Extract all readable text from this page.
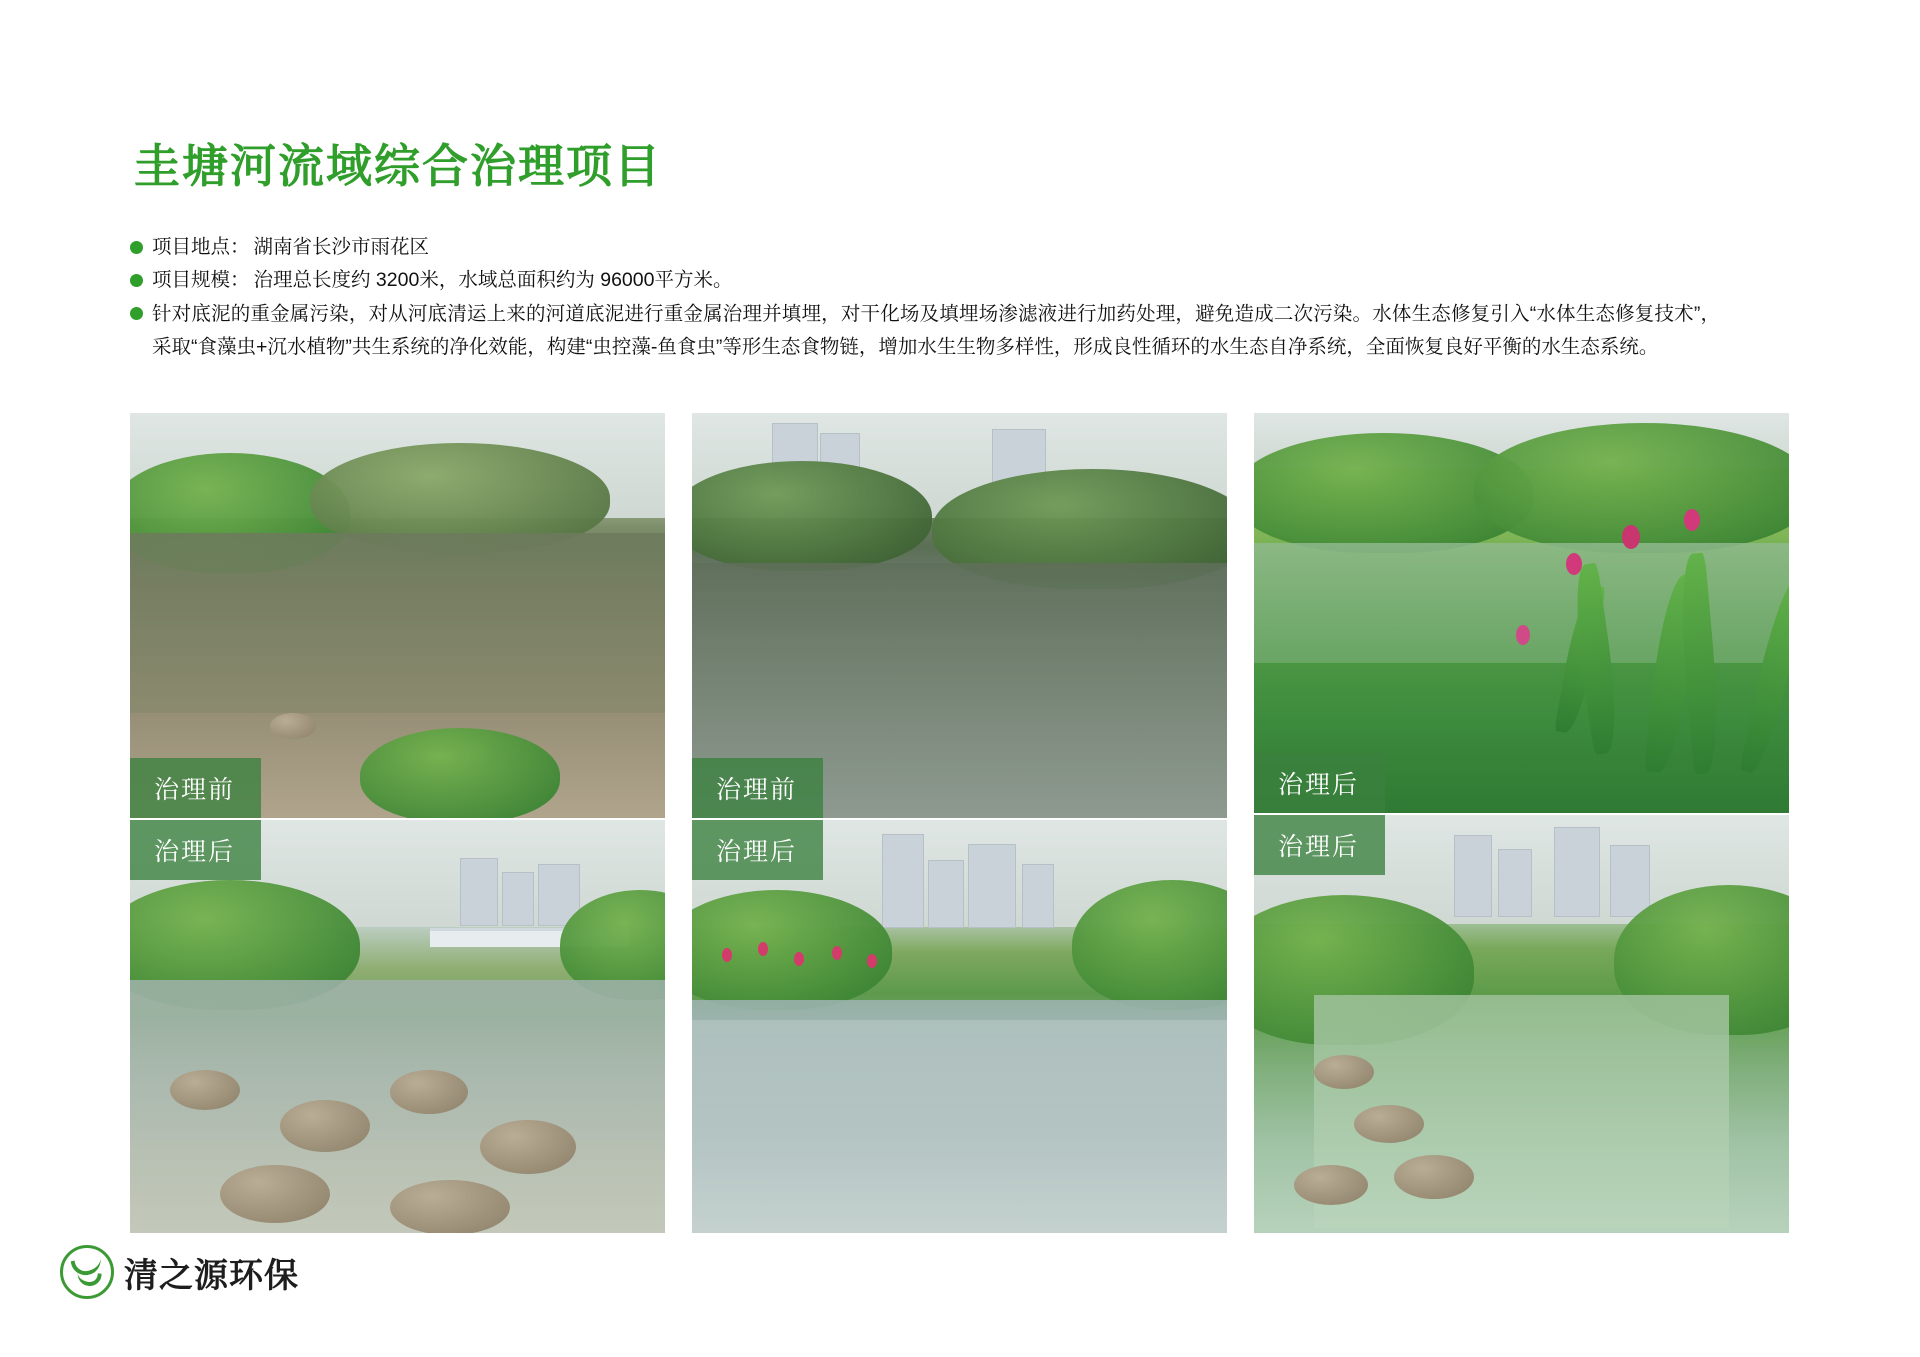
圭塘河流域综合治理项目
项目地点： 湖南省长沙市雨花区
项目规模： 治理总长度约 3200米，水域总面积约为 96000平方米。
针对底泥的重金属污染，对从河底清运上来的河道底泥进行重金属治理并填埋，对干化场及填埋场渗滤液进行加药处理，避免造成二次污染。水体生态修复引入“水体生态修复技术”，采取“食藻虫+沉水植物”共生系统的净化效能，构建“虫控藻-鱼食虫”等形生态食物链，增加水生生物多样性，形成良性循环的水生态自净系统，全面恢复良好平衡的水生态系统。
治理前
治理后
治理前
治理后
治理后
治理后
清之源环保
